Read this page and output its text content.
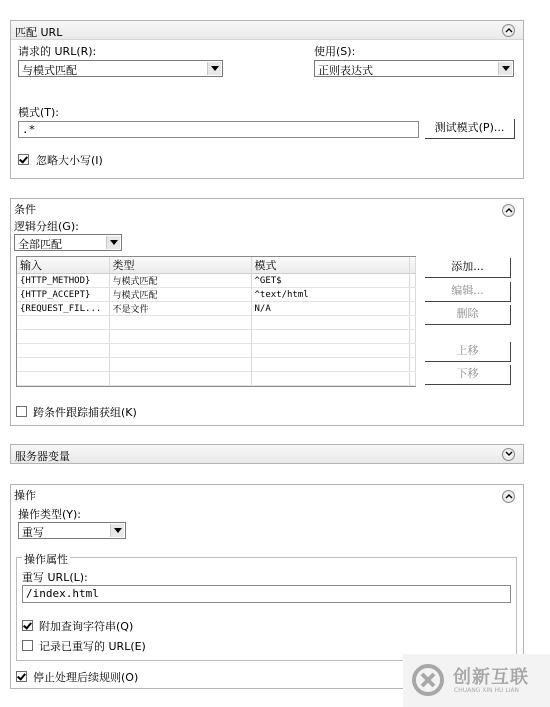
匹配 URL
请求的 URL(R):
与模式匹配
使用(S):
正则表达式
模式(T):
.*	测试模式(P)...
忽略大小写(I)
条件
逻辑分组(G):
全部匹配
输入	类型	模式	
{HTTP_METHOD}	与模式匹配	^GET$	
{HTTP_ACCEPT}	与模式匹配	^text/html	
{REQUEST_FIL...	不是文件	N/A	

添加...
编辑...
删除
上移
下移
跨条件跟踪捕获组(K)
服务器变量
操作
操作类型(Y):
重写
操作属性
重写 URL(L):
/index.html
附加查询字符串(Q)
记录已重写的 URL(E)
停止处理后续规则(O)	创新互联
CHUANG XIN HU LIAN
